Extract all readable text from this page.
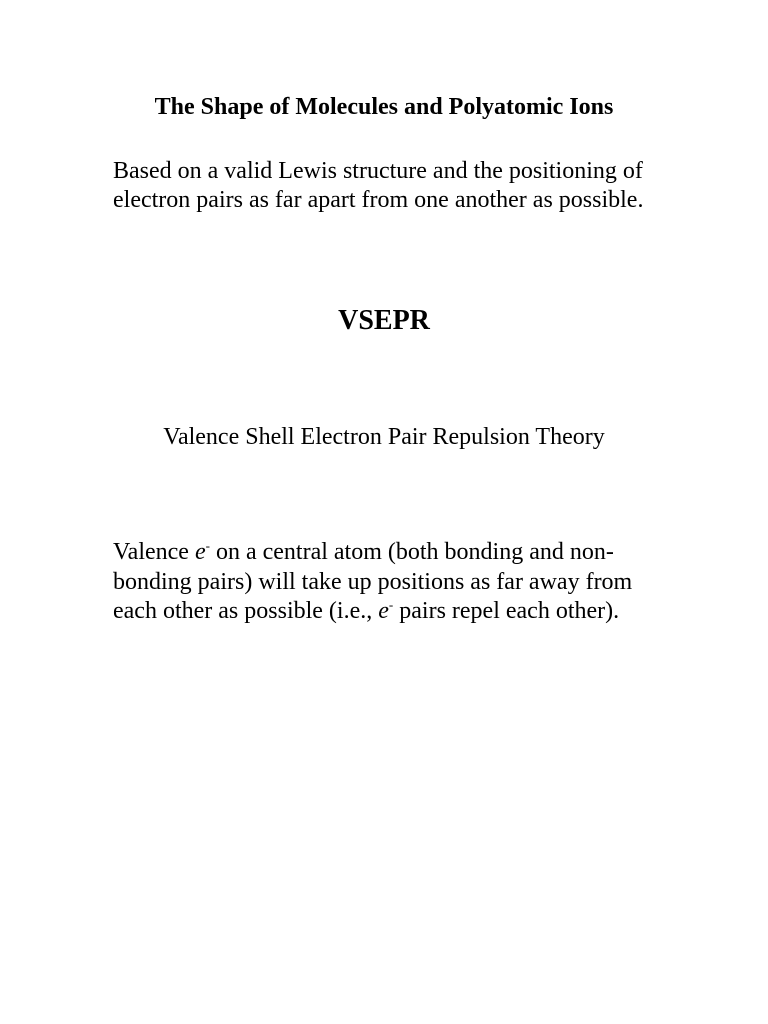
The Shape of Molecules and Polyatomic Ions

Based on a valid Lewis structure and the positioning of electron pairs as far apart from one another as possible.

VSEPR

Valence Shell Electron Pair Repulsion Theory

Valence e- on a central atom (both bonding and non-bonding pairs) will take up positions as far away from each other as possible (i.e., e- pairs repel each other).
